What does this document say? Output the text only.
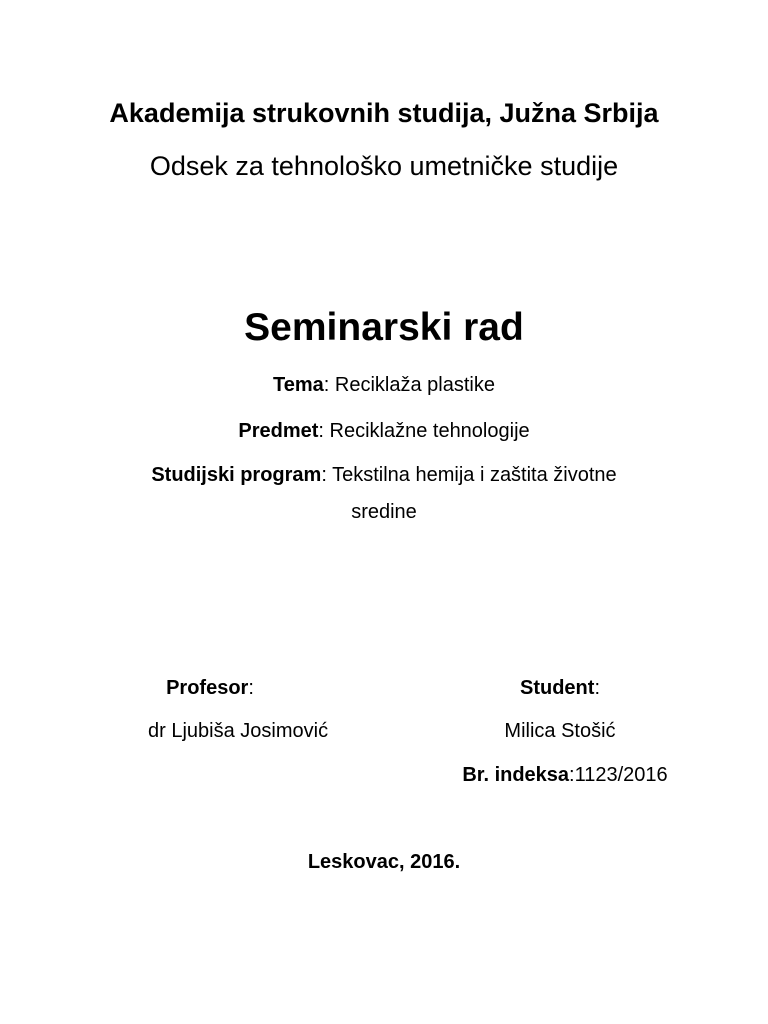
Akademija strukovnih studija, Južna Srbija
Odsek za tehnološko umetničke studije
Seminarski rad
Tema: Reciklaža plastike
Predmet: Reciklažne tehnologije
Studijski program: Tekstilna hemija i zaštita životne
sredine
Profesor:
dr Ljubiša Josimović
Student:
Milica Stošić
Br. indeksa:1123/2016
Leskovac, 2016.
